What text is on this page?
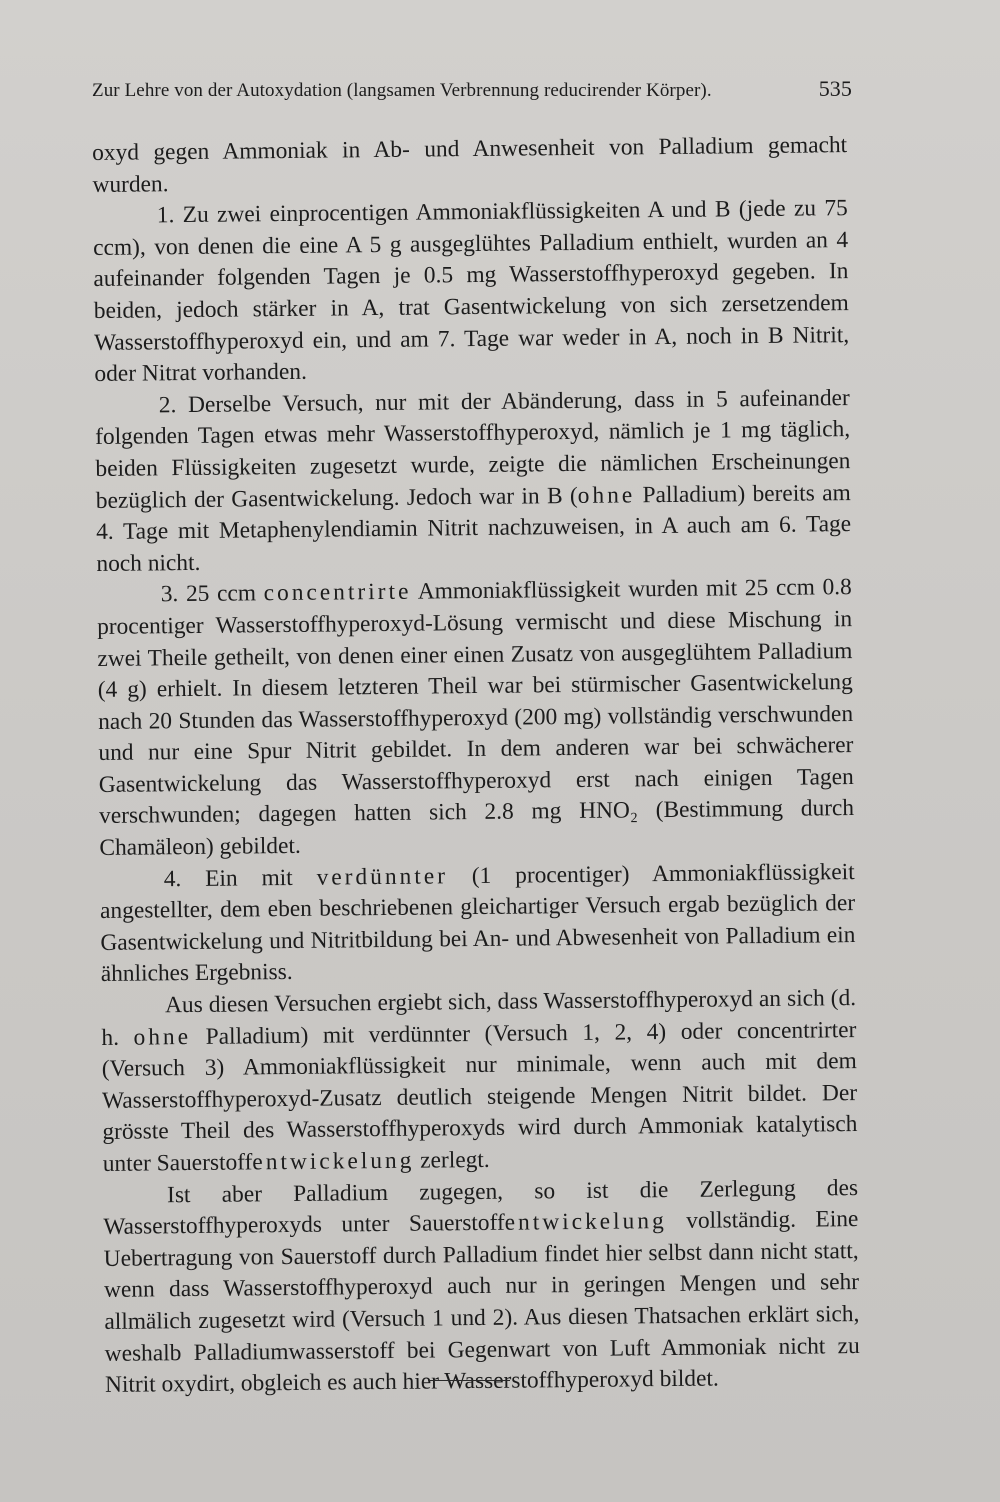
Zur Lehre von der Autoxydation (langsamen Verbrennung reducirender Körper).	535

oxyd gegen Ammoniak in Ab- und Anwesenheit von Palladium gemacht wurden.

1. Zu zwei einprocentigen Ammoniakflüssigkeiten A und B (jede zu 75 ccm), von denen die eine A 5 g ausgeglühtes Palladium enthielt, wurden an 4 aufeinander folgenden Tagen je 0.5 mg Wasserstoffhyperoxyd gegeben. In beiden, jedoch stärker in A, trat Gasentwickelung von sich zersetzendem Wasserstoffhyperoxyd ein, und am 7. Tage war weder in A, noch in B Nitrit, oder Nitrat vorhanden.

2. Derselbe Versuch, nur mit der Abänderung, dass in 5 aufeinander folgenden Tagen etwas mehr Wasserstoffhyperoxyd, nämlich je 1 mg täglich, beiden Flüssigkeiten zugesetzt wurde, zeigte die nämlichen Erscheinungen bezüglich der Gasentwickelung. Jedoch war in B (ohne Palladium) bereits am 4. Tage mit Metaphenylendiamin Nitrit nachzuweisen, in A auch am 6. Tage noch nicht.

3. 25 ccm concentrirte Ammoniakflüssigkeit wurden mit 25 ccm 0.8 procentiger Wasserstoffhyperoxyd-Lösung vermischt und diese Mischung in zwei Theile getheilt, von denen einer einen Zusatz von ausgeglühtem Palladium (4 g) erhielt. In diesem letzteren Theil war bei stürmischer Gasentwickelung nach 20 Stunden das Wasserstoffhyperoxyd (200 mg) vollständig verschwunden und nur eine Spur Nitrit gebildet. In dem anderen war bei schwächerer Gasentwickelung das Wasserstoffhyperoxyd erst nach einigen Tagen verschwunden; dagegen hatten sich 2.8 mg HNO₂ (Bestimmung durch Chamäleon) gebildet.

4. Ein mit verdünnter (1 procentiger) Ammoniakflüssigkeit angestellter, dem eben beschriebenen gleichartiger Versuch ergab bezüglich der Gasentwickelung und Nitritbildung bei An- und Abwesenheit von Palladium ein ähnliches Ergebniss.

Aus diesen Versuchen ergiebt sich, dass Wasserstoffhyperoxyd an sich (d. h. ohne Palladium) mit verdünnter (Versuch 1, 2, 4) oder concentrirter (Versuch 3) Ammoniakflüssigkeit nur minimale, wenn auch mit dem Wasserstoffhyperoxyd-Zusatz deutlich steigende Mengen Nitrit bildet. Der grösste Theil des Wasserstoffhyperoxyds wird durch Ammoniak katalytisch unter Sauerstoffentwickelung zerlegt.

Ist aber Palladium zugegen, so ist die Zerlegung des Wasserstoffhyperoxyds unter Sauerstoffentwickelung vollständig. Eine Uebertragung von Sauerstoff durch Palladium findet hier selbst dann nicht statt, wenn dass Wasserstoffhyperoxyd auch nur in geringen Mengen und sehr allmälich zugesetzt wird (Versuch 1 und 2). Aus diesen Thatsachen erklärt sich, weshalb Palladiumwasserstoff bei Gegenwart von Luft Ammoniak nicht zu Nitrit oxydirt, obgleich es auch hier Wasserstoffhyperoxyd bildet.
